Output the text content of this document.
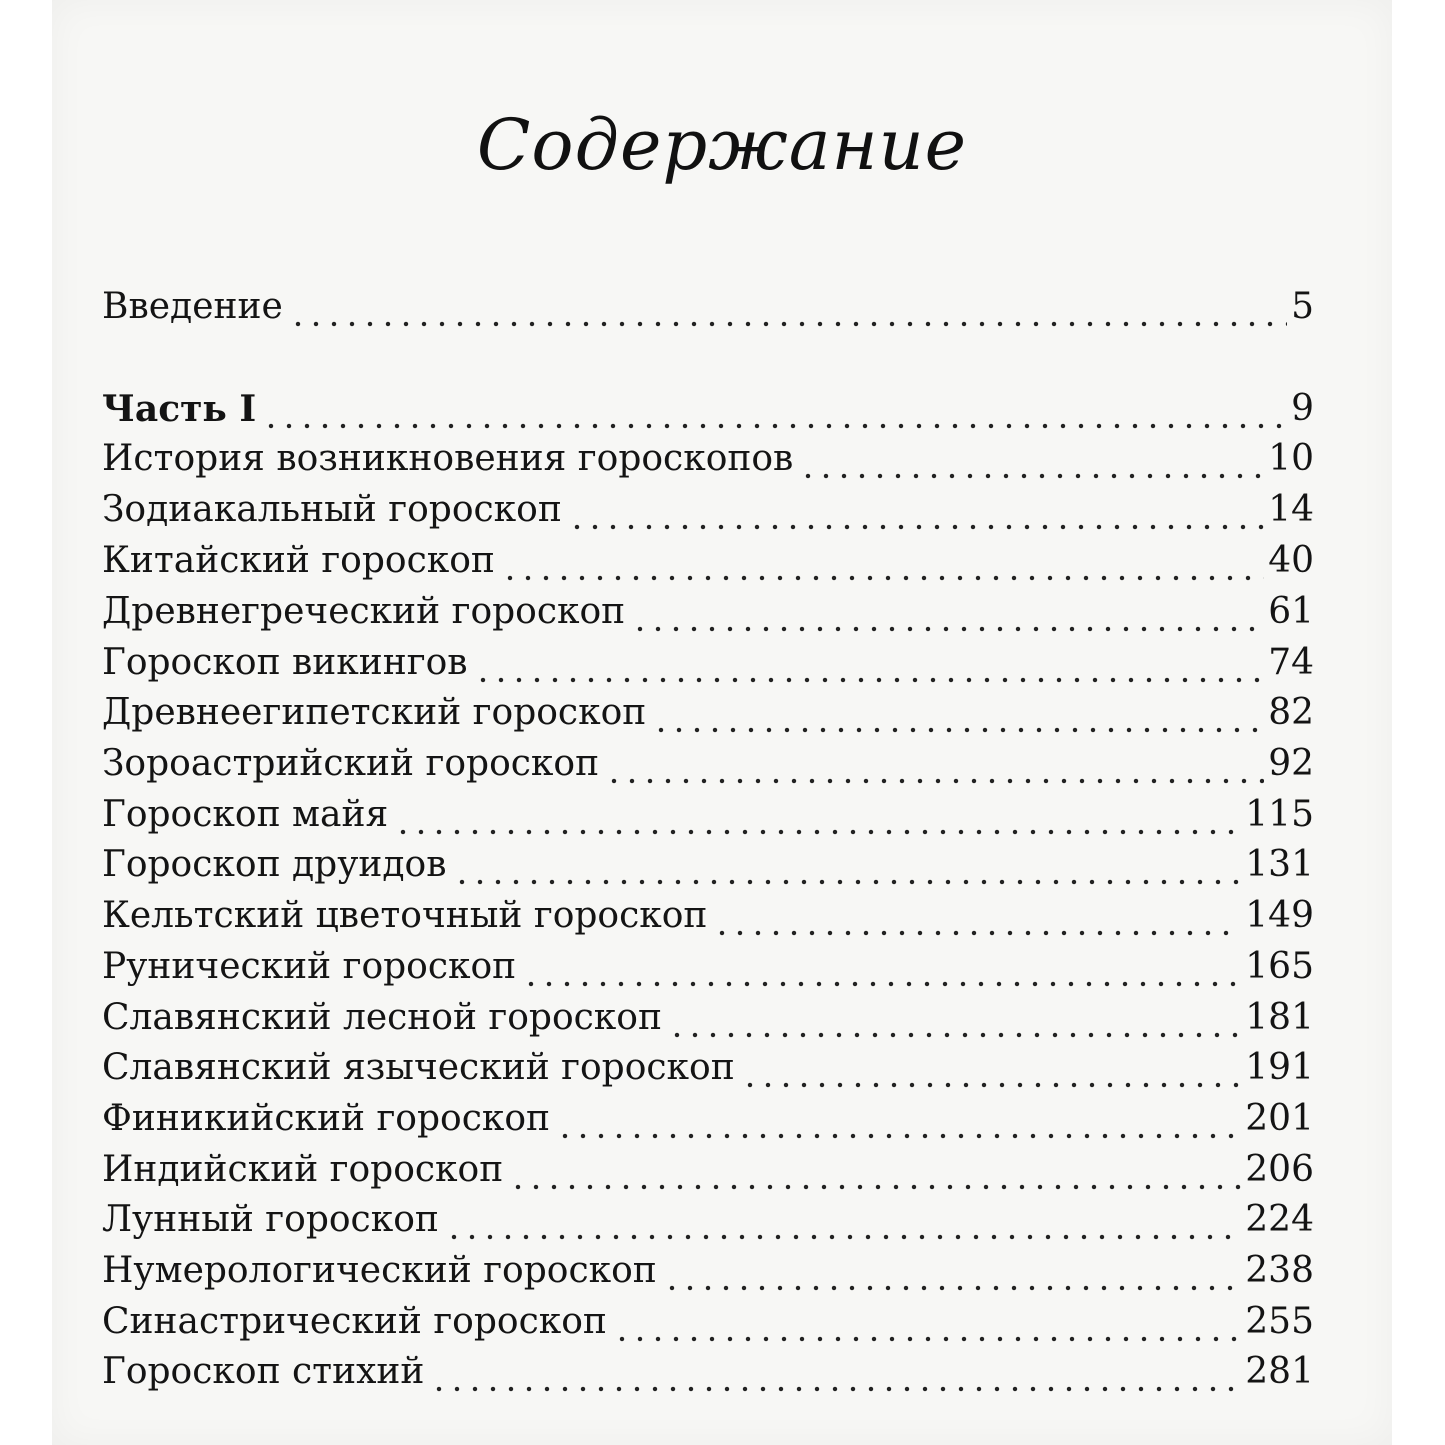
Содержание
Введение	5
Часть I	9
История возникновения гороскопов	10
Зодиакальный гороскоп	14
Китайский гороскоп	40
Древнегреческий гороскоп	61
Гороскоп викингов	74
Древнеегипетский гороскоп	82
Зороастрийский гороскоп	92
Гороскоп майя	115
Гороскоп друидов	131
Кельтский цветочный гороскоп	149
Рунический гороскоп	165
Славянский лесной гороскоп	181
Славянский языческий гороскоп	191
Финикийский гороскоп	201
Индийский гороскоп	206
Лунный гороскоп	224
Нумерологический гороскоп	238
Синастрический гороскоп	255
Гороскоп стихий	281
